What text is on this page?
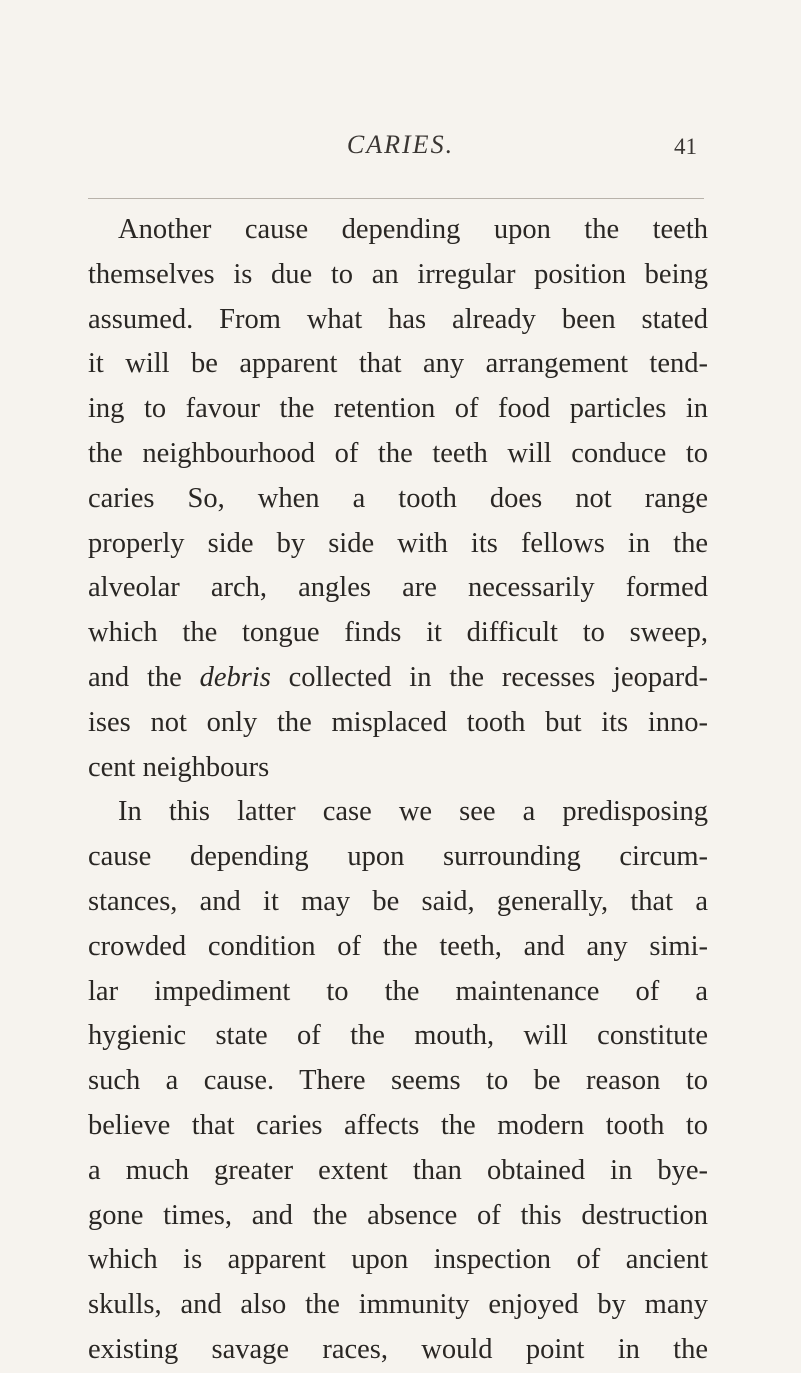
CARIES.	41
Another cause depending upon the teeth
themselves is due to an irregular position being
assumed. From what has already been stated
it will be apparent that any arrangement tend-
ing to favour the retention of food particles in
the neighbourhood of the teeth will conduce to
caries So, when a tooth does not range
properly side by side with its fellows in the
alveolar arch, angles are necessarily formed
which the tongue finds it difficult to sweep,
and the debris collected in the recesses jeopard-
ises not only the misplaced tooth but its inno-
cent neighbours
In this latter case we see a predisposing
cause depending upon surrounding circum-
stances, and it may be said, generally, that a
crowded condition of the teeth, and any simi-
lar impediment to the maintenance of a
hygienic state of the mouth, will constitute
such a cause. There seems to be reason to
believe that caries affects the modern tooth to
a much greater extent than obtained in bye-
gone times, and the absence of this destruction
which is apparent upon inspection of ancient
skulls, and also the immunity enjoyed by many
existing savage races, would point in the
